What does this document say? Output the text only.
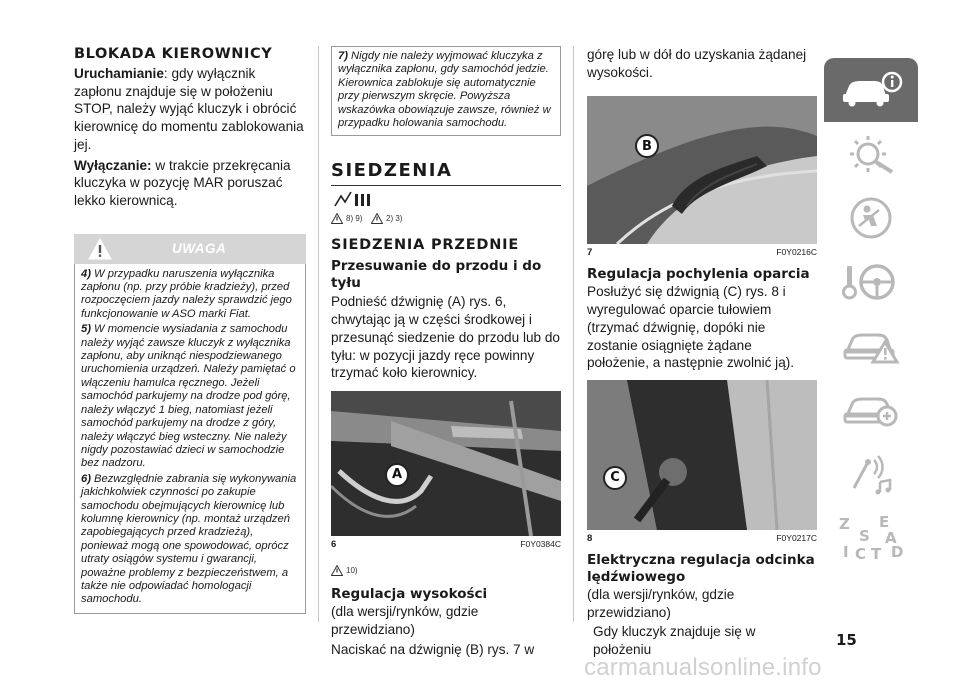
BLOKADA KIEROWNICY

Uruchamianie: gdy wyłącznik zapłonu znajduje się w położeniu STOP, należy wyjąć kluczyk i obrócić kierownicę do momentu zablokowania jej.

Wyłączanie: w trakcie przekręcania kluczyka w pozycję MAR poruszać lekko kierownicą.

UWAGA

4) W przypadku naruszenia wyłącznika zapłonu (np. przy próbie kradzieży), przed rozpoczęciem jazdy należy sprawdzić jego funkcjonowanie w ASO marki Fiat.

5) W momencie wysiadania z samochodu należy wyjąć zawsze kluczyk z wyłącznika zapłonu, aby uniknąć niespodziewanego uruchomienia urządzeń. Należy pamiętać o włączeniu hamulca ręcznego. Jeżeli samochód parkujemy na drodze pod górę, należy włączyć 1 bieg, natomiast jeżeli samochód parkujemy na drodze z góry, należy włączyć bieg wsteczny. Nie należy nigdy pozostawiać dzieci w samochodzie bez nadzoru.

6) Bezwzględnie zabrania się wykonywania jakichkolwiek czynności po zakupie samochodu obejmujących kierownicę lub kolumnę kierownicy (np. montaż urządzeń zapobiegających przed kradzieżą), ponieważ mogą one spowodować, oprócz utraty osiągów systemu i gwarancji, poważne problemy z bezpieczeństwem, a także nie odpowiadać homologacji samochodu.

7) Nigdy nie należy wyjmować kluczyka z wyłącznika zapłonu, gdy samochód jedzie. Kierownica zablokuje się automatycznie przy pierwszym skręcie. Powyższa wskazówka obowiązuje zawsze, również w przypadku holowania samochodu.

SIEDZENIA
8) 9)	2) 3)
SIEDZENIA PRZEDNIE
Przesuwanie do przodu i do tyłu

Podnieść dźwignię (A) rys. 6, chwytając ją w części środkowej i przesunąć siedzenie do przodu lub do tyłu: w pozycji jazdy ręce powinny trzymać koło kierownicy.

A
6	F0Y0384C
10)
Regulacja wysokości

(dla wersji/rynków, gdzie przewidziano)

Naciskać na dźwignię (B) rys. 7 w

górę lub w dół do uzyskania żądanej wysokości.

B
7	F0Y0216C
Regulacja pochylenia oparcia

Posłużyć się dźwignią (C) rys. 8 i wyregulować oparcie tułowiem (trzymać dźwignię, dopóki nie zostanie osiągnięte żądane położenie, a następnie zwolnić ją).

C
8	F0Y0217C
Elektryczna regulacja odcinka lędźwiowego

(dla wersji/rynków, gdzie przewidziano)

Gdy kluczyk znajduje się w położeniu

Z E
S A
I C T D
15
carmanualsonline.info
